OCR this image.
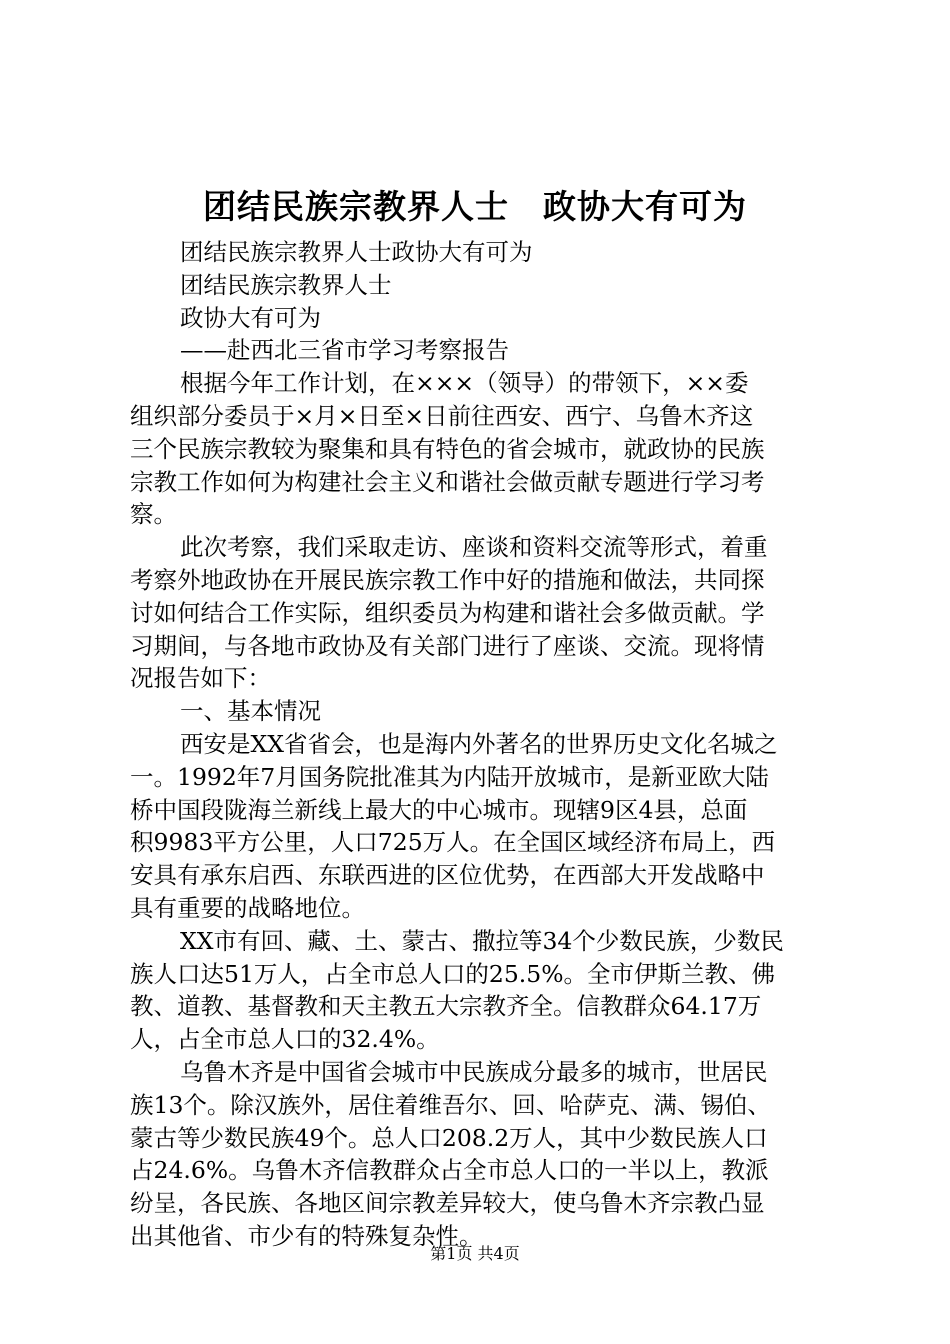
团结民族宗教界人士　政协大有可为
团结民族宗教界人士政协大有可为
团结民族宗教界人士
政协大有可为
——赴西北三省市学习考察报告
根据今年工作计划，在×××（领导）的带领下，××委
组织部分委员于×月×日至×日前往西安、西宁、乌鲁木齐这
三个民族宗教较为聚集和具有特色的省会城市，就政协的民族
宗教工作如何为构建社会主义和谐社会做贡献专题进行学习考
察。
此次考察，我们采取走访、座谈和资料交流等形式，着重
考察外地政协在开展民族宗教工作中好的措施和做法，共同探
讨如何结合工作实际，组织委员为构建和谐社会多做贡献。学
习期间，与各地市政协及有关部门进行了座谈、交流。现将情
况报告如下：
一、基本情况
西安是XX省省会，也是海内外著名的世界历史文化名城之
一。1992年7月国务院批准其为内陆开放城市，是新亚欧大陆
桥中国段陇海兰新线上最大的中心城市。现辖9区4县，总面
积9983平方公里，人口725万人。在全国区域经济布局上，西
安具有承东启西、东联西进的区位优势，在西部大开发战略中
具有重要的战略地位。
XX市有回、藏、土、蒙古、撒拉等34个少数民族，少数民
族人口达51万人，占全市总人口的25.5%。全市伊斯兰教、佛
教、道教、基督教和天主教五大宗教齐全。信教群众64.17万
人，占全市总人口的32.4%。
乌鲁木齐是中国省会城市中民族成分最多的城市，世居民
族13个。除汉族外，居住着维吾尔、回、哈萨克、满、锡伯、
蒙古等少数民族49个。总人口208.2万人，其中少数民族人口
占24.6%。乌鲁木齐信教群众占全市总人口的一半以上，教派
纷呈，各民族、各地区间宗教差异较大，使乌鲁木齐宗教凸显
出其他省、市少有的特殊复杂性。
第1页 共4页
